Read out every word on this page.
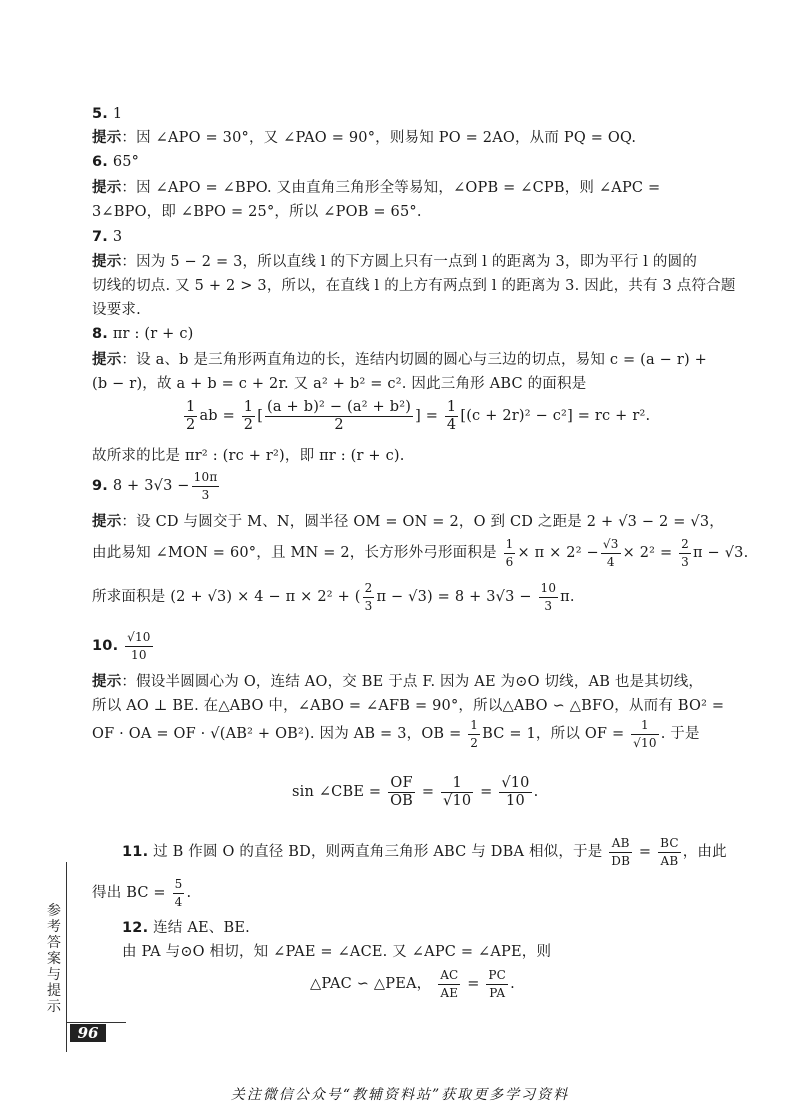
5. 1
提示：因 ∠APO = 30°，又 ∠PAO = 90°，则易知 PO = 2AO，从而 PQ = OQ.
6. 65°
提示：因 ∠APO = ∠BPO. 又由直角三角形全等易知，∠OPB = ∠CPB，则 ∠APC =
3∠BPO，即 ∠BPO = 25°，所以 ∠POB = 65°.
7. 3
提示：因为 5 − 2 = 3，所以直线 l 的下方圆上只有一点到 l 的距离为 3，即为平行 l 的圆的
切线的切点. 又 5 + 2 > 3，所以，在直线 l 的上方有两点到 l 的距离为 3. 因此，共有 3 点符合题
设要求.
8. πr : (r + c)
提示：设 a、b 是三角形两直角边的长，连结内切圆的圆心与三边的切点，易知 c = (a − r) +
(b − r)，故 a + b = c + 2r. 又 a² + b² = c². 因此三角形 ABC 的面积是
$\frac{1}{2}$ ab = $\frac{1}{2}$ [ $\frac{\text{(a + b)² − (a² + b²)}}{2}$ ] = $\frac{1}{4} [(c + 2r)^2 - c^2]$ = rc + r².
故所求的比是 πr² : (rc + r²)，即 πr : (r + c).
9. $8 + 3√3 - \frac{10\pi}{3}$
提示：设 CD 与圆交于 M、N，圆半径 OM = ON = 2，O 到 CD 之距是 2 + √3 − 2 = √3，
由此易知 ∠MON = 60°，且 MN = 2，长方形外弓形面积是 $\frac{1}{6} \times \pi \times 2^2 - \frac{√3}{4} \times 2^2 = \frac{2}{3}$ π − √3.
所求面积是 (2 + √3) × 4 − π × 2² + ( $\frac{2}{3}$ $\pi - √3) = 8 + 3√3 - \frac{10}{3} \pi$.
10. $\frac{√10}{10}$
提示：假设半圆圆心为 O，连结 AO，交 BE 于点 F. 因为 AE 为⊙O 切线，AB 也是其切线，
所以 AO ⊥ BE. 在△ABO 中，∠ABO = ∠AFB = 90°，所以△ABO ∽ △BFO，从而有 BO² =
OF · OA = OF · √(AB² + OB²). 因为 AB = 3，OB = $\frac{1}{2}$ BC = 1，所以 OF = $\frac{1}{√10}$ . 于是
sin ∠CBE = $\frac{OF}{OB} = \frac{1}{√10} = \frac{√10}{10}$ .
11. 过 B 作圆 O 的直径 BD，则两直角三角形 ABC 与 DBA 相似，于是 $\frac{AB}{DB} = \frac{BC}{AB}$ ，由此
得出 BC = $\frac{5}{4}$ .
12. 连结 AE、BE.
由 PA 与⊙O 相切，知 ∠PAE = ∠ACE. 又 ∠APC = ∠APE，则
△PAC ∽ △PEA， $\frac{AC}{AE} = \frac{PC}{PA}$ .
参考答案与提示
96
关注微信公众号“教辅资料站”获取更多学习资料
